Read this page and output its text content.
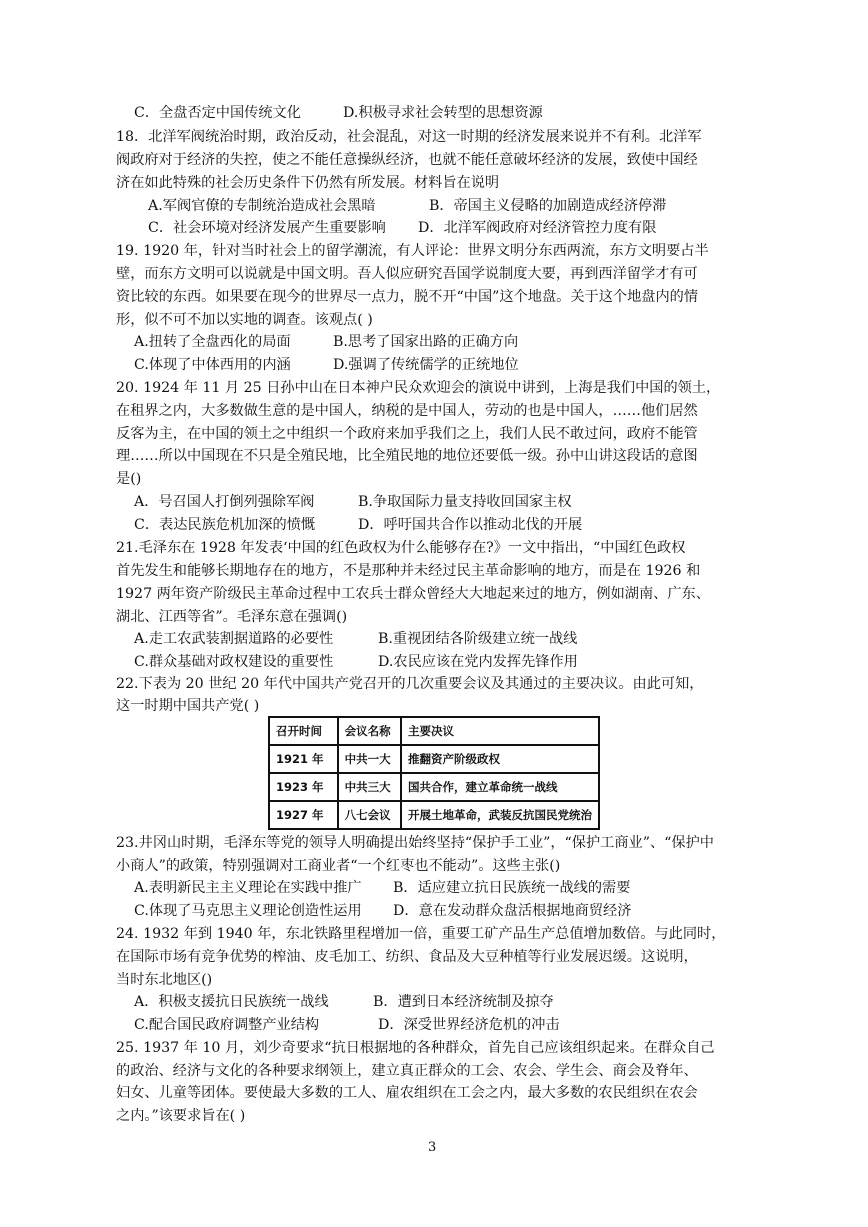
C．全盘否定中国传统文化	D.积极寻求社会转型的思想资源
18．北洋军阀统治时期，政治反动，社会混乱，对这一时期的经济发展来说并不有利。北洋军
阀政府对于经济的失控，使之不能任意操纵经济，也就不能任意破坏经济的发展，致使中国经
济在如此特殊的社会历史条件下仍然有所发展。材料旨在说明
A.军阀官僚的专制统治造成社会黑暗	B．帝国主义侵略的加剧造成经济停滞
C．社会环境对经济发展产生重要影响 D．北洋军阀政府对经济管控力度有限
19. 1920 年，针对当时社会上的留学潮流，有人评论：世界文明分东西两流，东方文明要占半
壁，而东方文明可以说就是中国文明。吾人似应研究吾国学说制度大要，再到西洋留学才有可
资比较的东西。如果要在现今的世界尽一点力，脱不开“中国”这个地盘。关于这个地盘内的情
形，似不可不加以实地的调查。该观点( )
A.扭转了全盘西化的局面	B.思考了国家出路的正确方向
C.体现了中体西用的内涵	D.强调了传统儒学的正统地位
20. 1924 年 11 月 25 日孙中山在日本神户民众欢迎会的演说中讲到，上海是我们中国的领土，
在租界之内，大多数做生意的是中国人，纳税的是中国人，劳动的也是中国人，……他们居然
反客为主，在中国的领土之中组织一个政府来加乎我们之上，我们人民不敢过问，政府不能管
理……所以中国现在不只是全殖民地，比全殖民地的地位还要低一级。孙中山讲这段话的意图
是()
A．号召国人打倒列强除军阀	B.争取国际力量支持收回国家主权
C．表达民族危机加深的愤慨	D．呼吁国共合作以推动北伐的开展
21.毛泽东在 1928 年发表‘中国的红色政权为什么能够存在?》一文中指出，“中国红色政权
首先发生和能够长期地存在的地方，不是那种并未经过民主革命影响的地方，而是在 1926 和
1927 两年资产阶级民主革命过程中工农兵士群众曾经大大地起来过的地方，例如湖南、广东、
湖北、江西等省”。毛泽东意在强调()
A.走工农武装割据道路的必要性	B.重视团结各阶级建立统一战线
C.群众基础对政权建设的重要性	D.农民应该在党内发挥先锋作用
22.下表为 20 世纪 20 年代中国共产党召开的几次重要会议及其通过的主要决议。由此可知，
这一时期中国共产党( )
召开时间	会议名称	主要决议
1921 年	中共一大	推翻资产阶级政权
1923 年	中共三大	国共合作，建立革命统一战线
1927 年	八七会议	开展土地革命，武装反抗国民党统治
23.井冈山时期，毛泽东等党的领导人明确提出始终坚持“保护手工业”，“保护工商业”、“保护中
小商人”的政策，特别强调对工商业者“一个红枣也不能动”。这些主张()
A.表明新民主主义理论在实践中推广 B．适应建立抗日民族统一战线的需要
C.体现了马克思主义理论创造性运用 D．意在发动群众盘活根据地商贸经济
24. 1932 年到 1940 年，东北铁路里程增加一倍，重要工矿产品生产总值增加数倍。与此同时，
在国际市场有竞争优势的榨油、皮毛加工、纺织、食品及大豆种植等行业发展迟缓。这说明，
当时东北地区()
A．积极支援抗日民族统一战线	B．遭到日本经济统制及掠夺
C.配合国民政府调整产业结构	D．深受世界经济危机的冲击
25. 1937 年 10 月，刘少奇要求“抗日根据地的各种群众，首先自己应该组织起来。在群众自己
的政治、经济与文化的各种要求纲领上，建立真正群众的工会、农会、学生会、商会及脊年、
妇女、儿童等团体。要使最大多数的工人、雇农组织在工会之内，最大多数的农民组织在农会
之内。”该要求旨在( )
3
